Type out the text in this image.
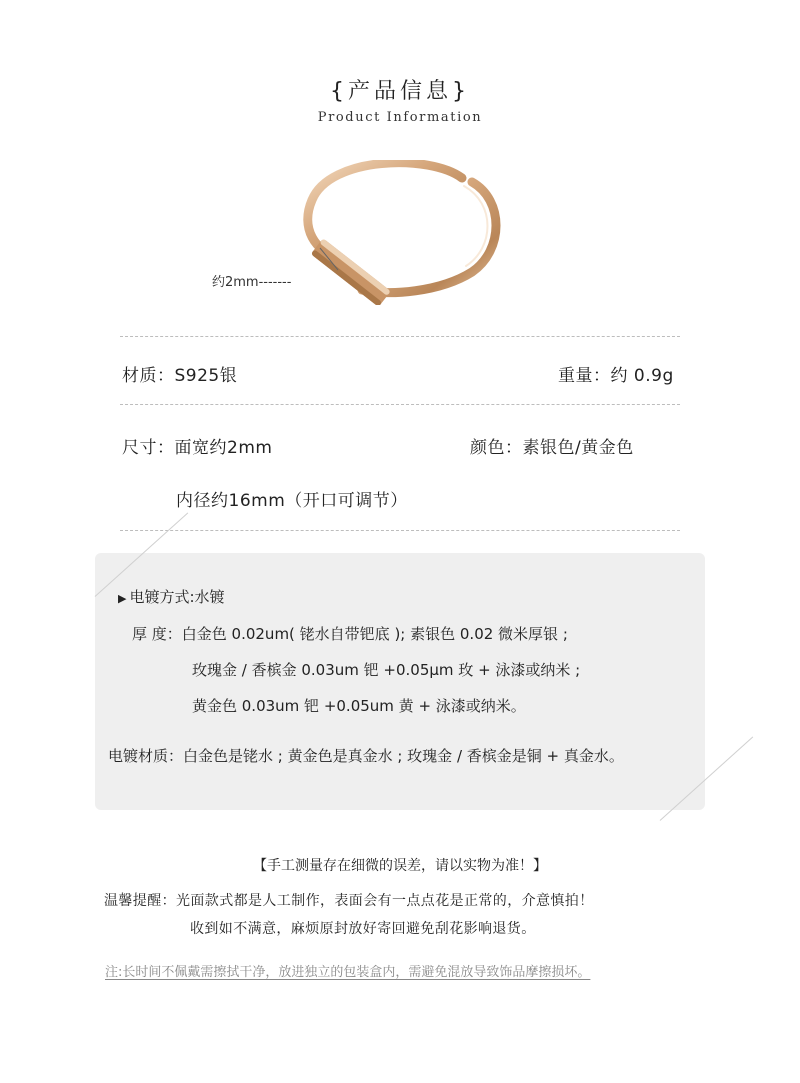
{产品信息}
Product Information
约2mm-------
材质：S925银	重量：约 0.9g
尺寸：面宽约2mm	颜色：素银色/黄金色
内径约16mm（开口可调节）
▶ 电镀方式:水镀
厚 度：白金色 0.02um( 铑水自带钯底 ); 素银色 0.02 微米厚银 ;
玫瑰金 / 香槟金 0.03um 钯 +0.05μm 玫 + 泳漆或纳米 ;
黄金色 0.03um 钯 +0.05um 黄 + 泳漆或纳米。
电镀材质：白金色是铑水 ; 黄金色是真金水 ; 玫瑰金 / 香槟金是铜 + 真金水。
【手工测量存在细微的误差，请以实物为准！】
温馨提醒：光面款式都是人工制作，表面会有一点点花是正常的，介意慎拍！
收到如不满意，麻烦原封放好寄回避免刮花影响退货。
注:长时间不佩戴需擦拭干净，放进独立的包装盒内，需避免混放导致饰品摩擦损坏。
